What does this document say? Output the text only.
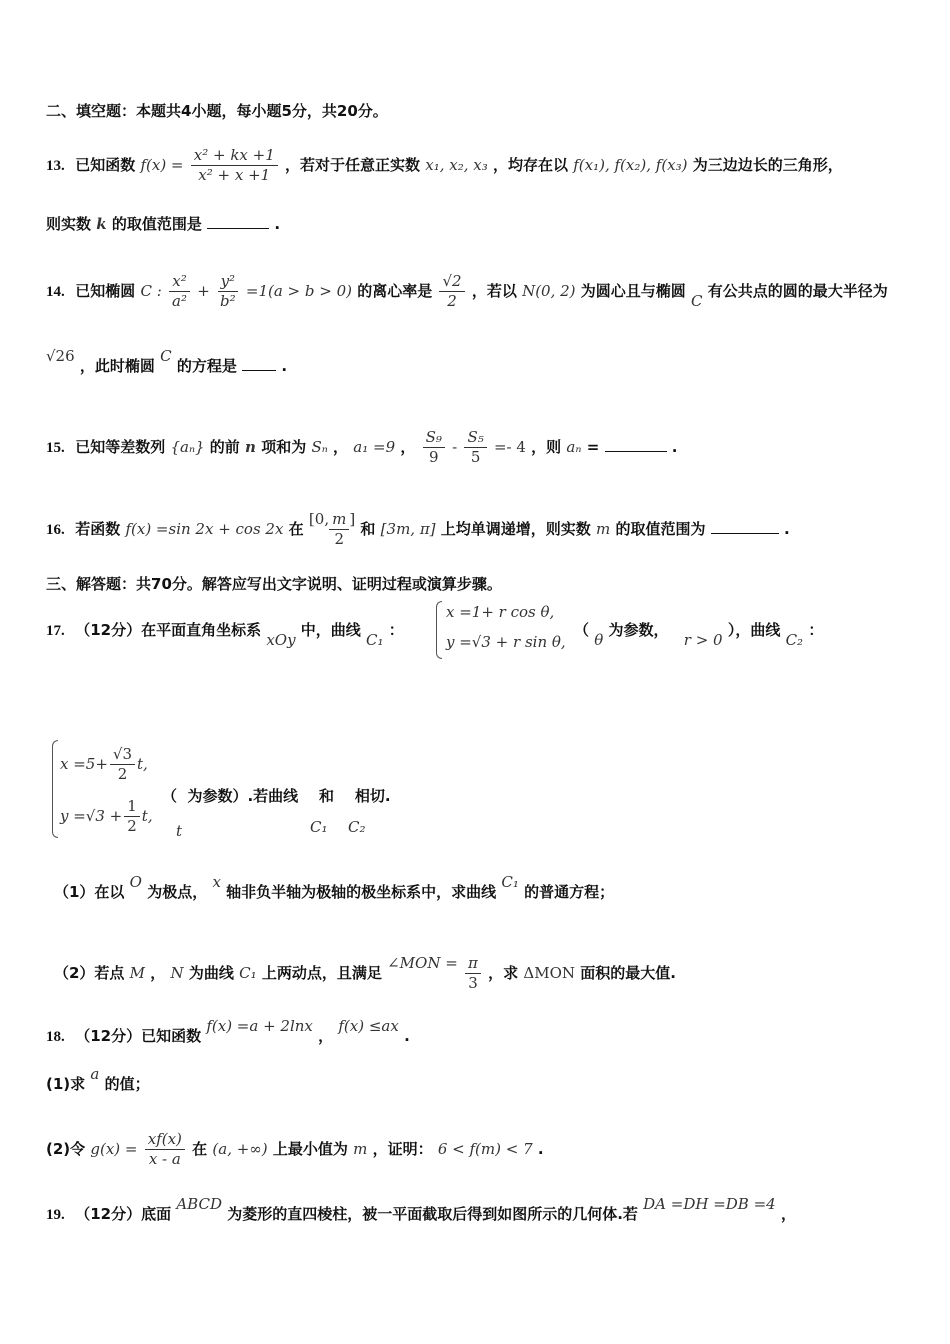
二、填空题：本题共4小题，每小题5分，共20分。
13. 已知函数 $f(x) = \frac{\text{x² + kx +1}}{\text{x² + x +1}}$ ，若对于任意正实数 x₁, x₂, x₃ ，均存在以 f(x₁), f(x₂), f(x₃) 为三边边长的三角形，
则实数 k 的取值范围是	.
14. 已知椭圆 C : $\frac{\text{x²}}{\text{a²}} + \frac{\text{y²}}{\text{b²}} =1(a > b > 0)$ 的离心率是 $\frac{√2}{2}$ ，若以 N(0, 2) 为圆心且与椭圆 C 有公共点的圆的最大半径为
√26 ，此时椭圆 C 的方程是	.
15. 已知等差数列 {aₙ} 的前 n 项和为 Sₙ ， a₁ =9 ， $\frac{\text{S₉}}{9} - \frac{\text{S₅}}{5} =- 4$ ，则 aₙ =	.
16. 若函数 f(x) =sin 2x + cos 2x 在 [0, $\frac{m}{2}$ ] 和 [3m, π] 上均单调递增，则实数 m 的取值范围为	.
三、解答题：共70分。解答应写出文字说明、证明过程或演算步骤。
17. （12分）在平面直角坐标系 xOy 中，曲线 C₁ ：
x =1+ r cos θ,
y =√3 + r sin θ,
（ θ 为参数， r > 0 ），曲线 C₂ ：
$x =5+ \frac{√3}{2} t$,
$y =√3 + \frac{1}{2} t$,
（  为参数）.若曲线    和    相切.
t	C₁ C₂
（1）在以 O 为极点， x 轴非负半轴为极轴的极坐标系中，求曲线 C₁ 的普通方程；
（2）若点 M ， N 为曲线 C₁ 上两动点，且满足 ∠MON = $\frac{\pi}{3}$ ，求 ΔMON 面积的最大值.
18. （12分）已知函数 f(x) =a + 2lnx ， f(x) ≤ax .
(1)求 a 的值；
(2)令 $g(x) = \frac{xf(x)}{x - a}$ 在 (a, +∞) 上最小值为 m ，证明： 6 < f(m) < 7 .
19. （12分）底面 ABCD 为菱形的直四棱柱，被一平面截取后得到如图所示的几何体.若 DA =DH =DB =4 ，
